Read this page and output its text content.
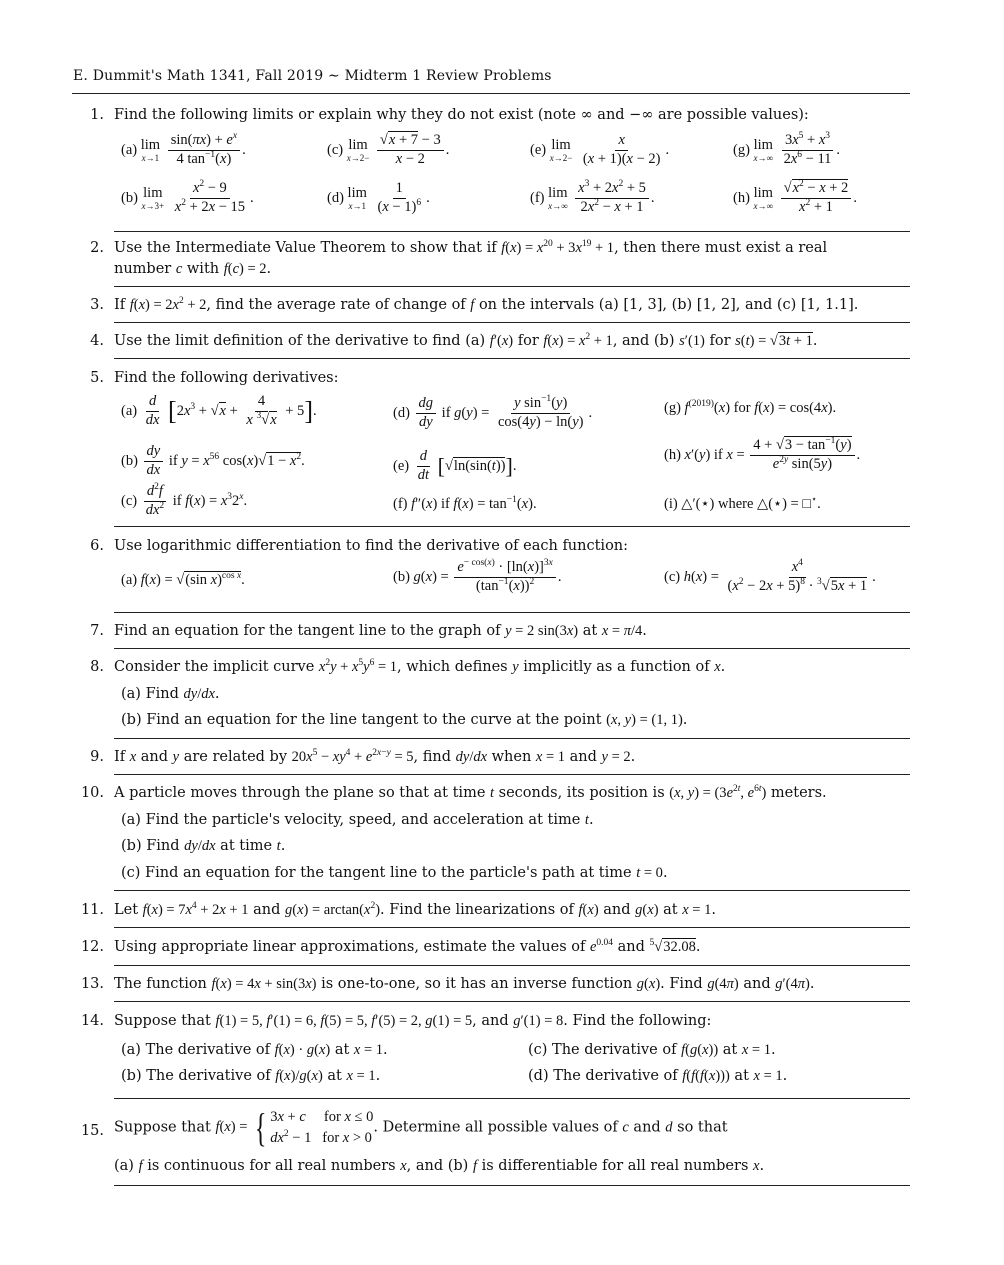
E. Dummit's Math 1341, Fall 2019 ∼ Midterm 1 Review Problems
1. Find the following limits or explain why they do not exist (note ∞ and −∞ are possible values):
(a) lim
x→1
$\frac{\sin(\pi x) + e^x}{4 \tan^{-1}(x)}$ .
(b) lim
x→3+
$\frac{x^2 - 9}{x^2 + 2x - 15}$ .
(c) lim
x→2−
$\frac{√x + 7 - 3}{x - 2}$ .
(d) lim
x→1
$\frac{1}{(x - 1)^6}$ .
(e) lim
x→2−
$\frac{x}{(x + 1)(x - 2)}$ .
(f) lim
x→∞
$\frac{x^3 + 2x^2 + 5}{2x^2 - x + 1}$ .
(g) lim
x→∞
$\frac{3x^5 + x^3}{2x^6 - 11}$ .
(h) lim
x→∞
$\frac{√x^2 - x + 2}{x^2 + 1}$ .
2. Use the Intermediate Value Theorem to show that if $f(x) = x^{20} + 3x^{19} + 1$, then there must exist a real
number c with f(c) = 2.
3. If $f(x) = 2x^2 + 2$, find the average rate of change of f on the intervals (a) [1, 3], (b) [1, 2], and (c) [1, 1.1].
4. Use the limit definition of the derivative to find (a) f′(x) for $f(x) = x^2 + 1$, and (b) s′(1) for s(t) = √3t + 1.
5. Find the following derivatives:
$(a) \frac{d}{dx} [2x^3 + √x + \frac{4}{x ^3√x} + 5]$.
$(b) \frac{dy}{dx}$ if $y = x^{56}$ $\cos(x)√1 - x^2$.
$(c) \frac{d^2f}{dx^2}$ if $f(x) = x^32^x$.
$(d) \frac{dg}{dy}$ if $g(y) = \frac{y \sin^{-1}(y)}{\cos(4y) - \ln(y)}$ .
$(e) \frac{d}{dt} [√\ln(\sin(t))]$.
(f) f″(x) if $f(x) = \tan^{-1}(x)$.
(g) $f^{(2019)}(x)$ for f(x) = cos(4x).
(h) x′(y) if $x = \frac{4 + √3 - \tan^{-1}(y)}{e^{2y} \sin(5y)}$ .
(i) △′(⋆) where △(⋆) = □⋆.
6. Use logarithmic differentiation to find the derivative of each function:
(a) f(x) = √(sin x)$^{cos x}$.	(b) $g(x) = \frac{e^{- cos(x)} \cdot [\ln(x)]^{3x}}{(\tan^{-1}(x))^2}$ .	(c) $h(x) = \frac{x^4}{(x^2 - 2x + 5)^8 \cdot ^3√5x + 1}$ .
7. Find an equation for the tangent line to the graph of y = 2 sin(3x) at x = π/4.
8. Consider the implicit curve $x^2y + x^5y^6 = 1$, which defines y implicitly as a function of x.
(a) Find dy/dx.
(b) Find an equation for the line tangent to the curve at the point (x, y) = (1, 1).
9. If x and y are related by $20x^5 - xy^4 + e^{2x-y} = 5$, find dy/dx when x = 1 and y = 2.
10. A particle moves through the plane so that at time t seconds, its position is (x, $y) = (3e^{2t}$, $e^{6t}$) meters.
(a) Find the particle's velocity, speed, and acceleration at time t.
(b) Find dy/dx at time t.
(c) Find an equation for the tangent line to the particle's path at time t = 0.
11. Let $f(x) = 7x^4 + 2x + 1$ and $g(x) = \arctan(x^2)$. Find the linearizations of f(x) and g(x) at x = 1.
12. Using appropriate linear approximations, estimate the values of $e^{0.04}$ and $^5$√32.08.
13. The function f(x) = 4x + sin(3x) is one-to-one, so it has an inverse function g(x). Find g(4π) and g′(4π).
14. Suppose that f(1) = 5, f′(1) = 6, f(5) = 5, f′(5) = 2, g(1) = 5, and g′(1) = 8. Find the following:
(a) The derivative of f(x) · g(x) at x = 1.
(b) The derivative of f(x)/g(x) at x = 1.
(c) The derivative of f(g(x)) at x = 1.
(d) The derivative of f(f(f(x))) at x = 1.
15. Suppose that f(x) = { 3x + c for x ≤ 0
$dx^2 - 1$   for x > 0
. Determine all possible values of c and d so that
(a) f is continuous for all real numbers x, and (b) f is differentiable for all real numbers x.
